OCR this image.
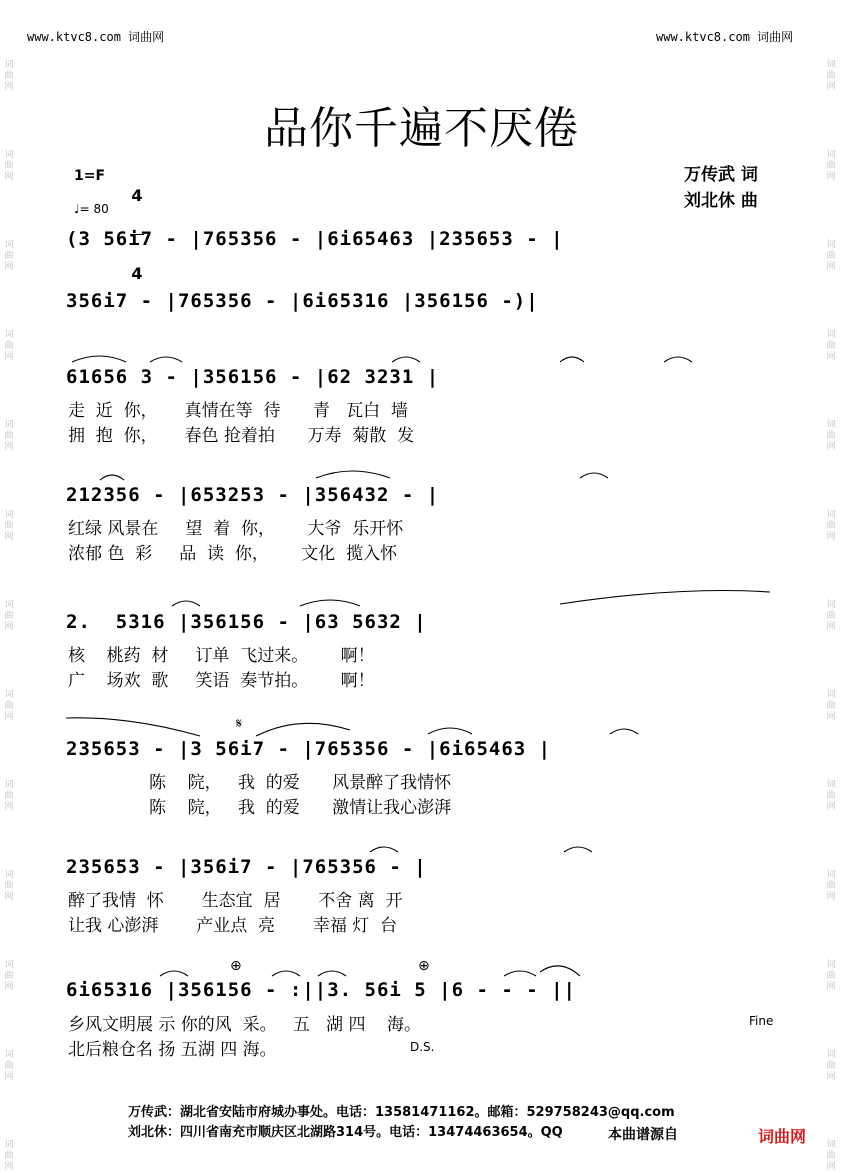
www.ktvc8.com 词曲网	www.ktvc8.com 词曲网
词曲网
词曲网
词曲网
词曲网
词曲网
词曲网
词曲网
词曲网
词曲网
词曲网
词曲网
词曲网
词曲网
词曲网
词曲网
词曲网
词曲网
词曲网
词曲网
词曲网
词曲网
词曲网
词曲网
词曲网
词曲网
词曲网
品你千遍不厌倦
万传武 词
刘北休 曲
1=F

4

4

♩= 80
(3 56i7 - |765356 - |6i65463 |235653 - |
356i7 - |765356 - |6i65316 |356156 -)|
61656 3 - |356156 - |62 3231 |
走  近  你，     真情在等  待      青   瓦白  墙
拥  抱  你，     春色 抢着拍      万寿  菊散  发
212356 - |653253 - |356432 - |
红绿 风景在     望  着  你，      大爷  乐开怀
浓郁 色  彩     品  读  你，      文化  揽入怀
2.  5316 |356156 - |63 5632 |
核    桃药  材     订单  飞过来。      啊！
广    场欢  歌     笑语  奏节拍。      啊！
𝄋
235653 - |3 56i7 - |765356 - |6i65463 |
陈    院，   我  的爱      风景醉了我情怀
陈    院，   我  的爱      激情让我心澎湃
235653 - |356i7 - |765356 - |
醉了我情  怀       生态宜  居       不舍 离  开
让我 心澎湃       产业点  亮       幸福 灯  台
⊕	⊕
6i65316 |356156 - :||3. 56i 5 |6 - - - ||
乡风文明展 示 你的风  采。   五   湖 四    海。
北后粮仓名 扬 五湖 四 海。
Fine
D.S.
万传武：湖北省安陆市府城办事处。电话：13581471162。邮箱：529758243@qq.com
刘北休：四川省南充市顺庆区北湖路314号。电话：13474463654。QQ	本曲谱源自	词曲网
